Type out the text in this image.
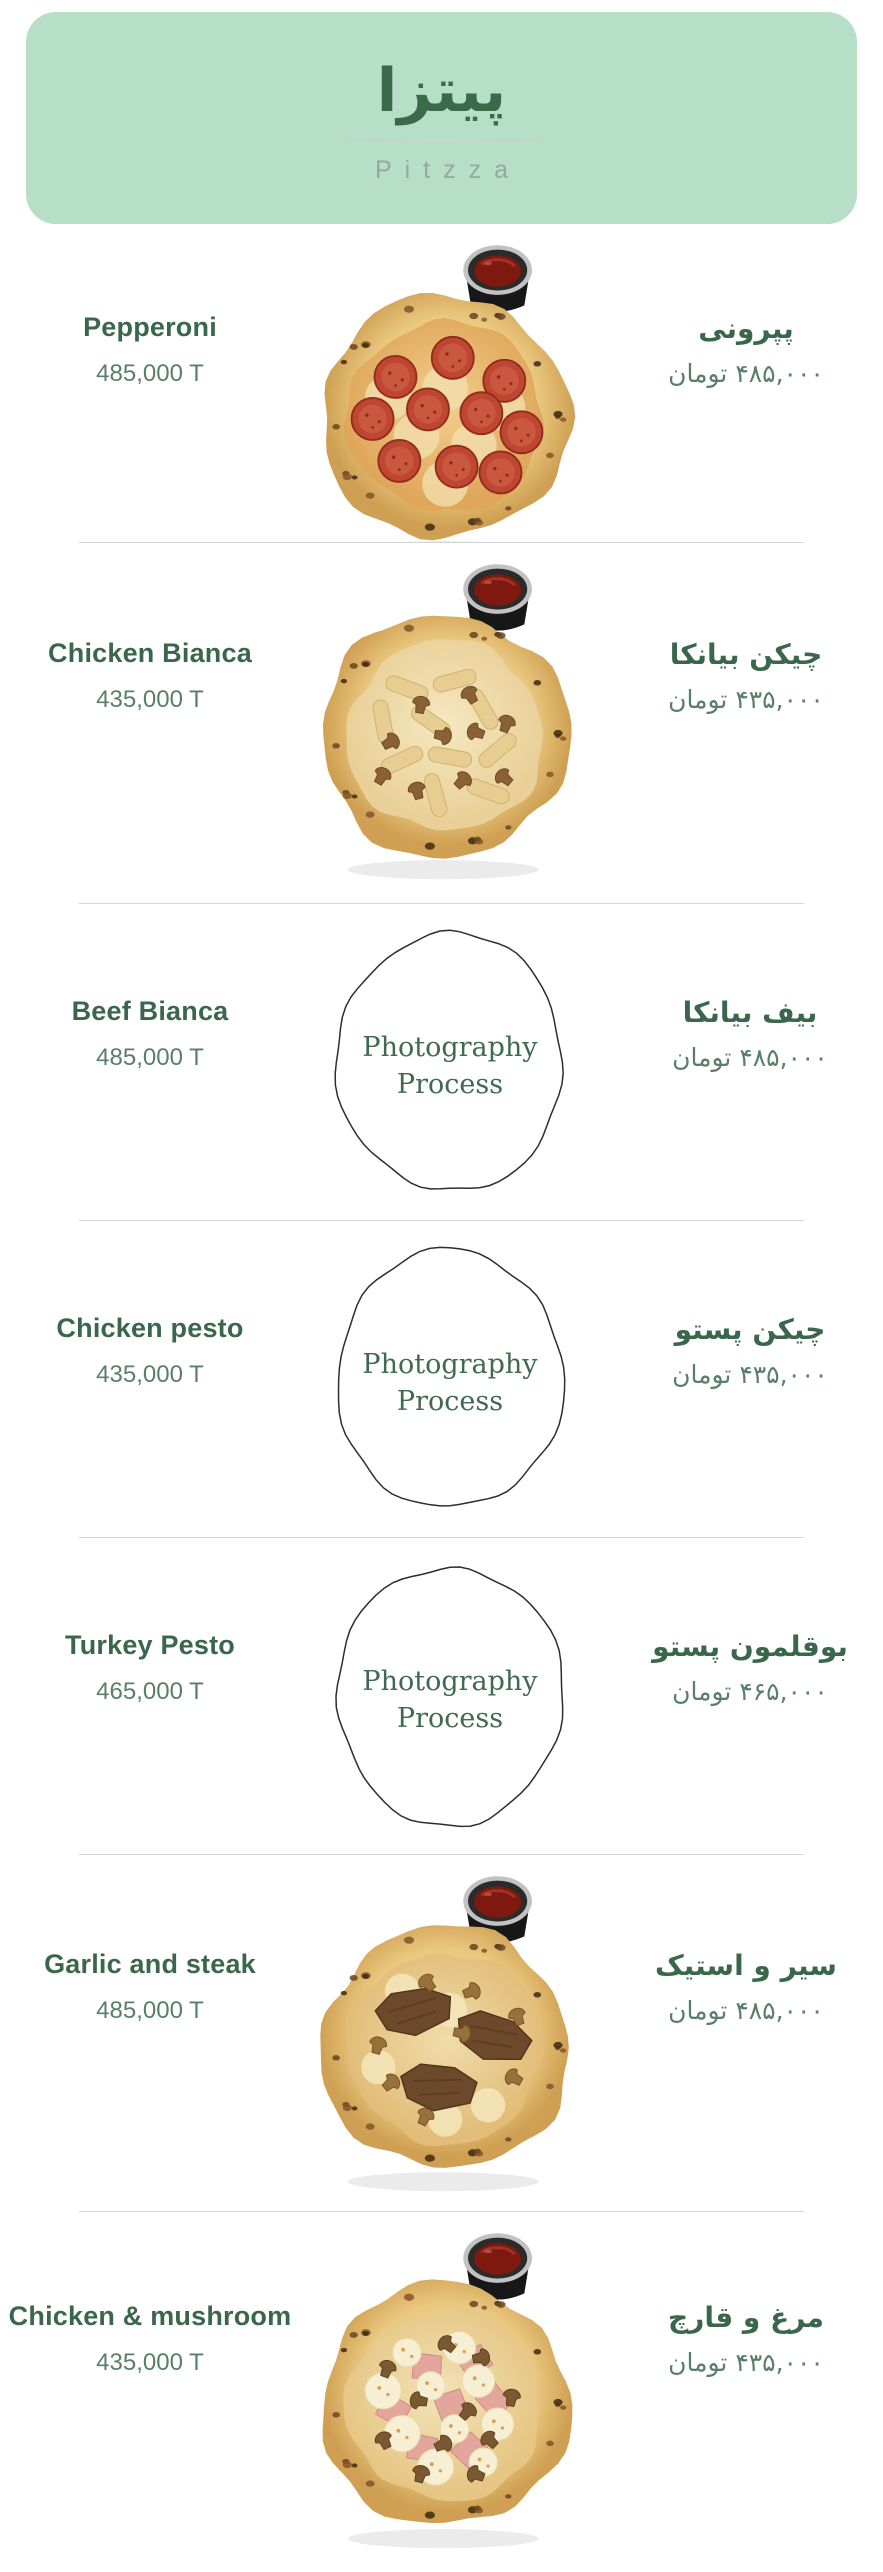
پیتزا
Pitzza
Pepperoni
485,000 T
پپرونی
۴۸۵,۰۰۰ تومان
Chicken Bianca
435,000 T
چیکن بیانکا
۴۳۵,۰۰۰ تومان
Beef Bianca
485,000 T	Photography
Process
بیف بیانکا
۴۸۵,۰۰۰ تومان
Chicken pesto
435,000 T	Photography
Process
چیکن پستو
۴۳۵,۰۰۰ تومان
Turkey Pesto
465,000 T	Photography
Process
بوقلمون پستو
۴۶۵,۰۰۰ تومان
Garlic and steak
485,000 T
سیر و استیک
۴۸۵,۰۰۰ تومان
Chicken & mushroom
435,000 T
مرغ و قارچ
۴۳۵,۰۰۰ تومان
